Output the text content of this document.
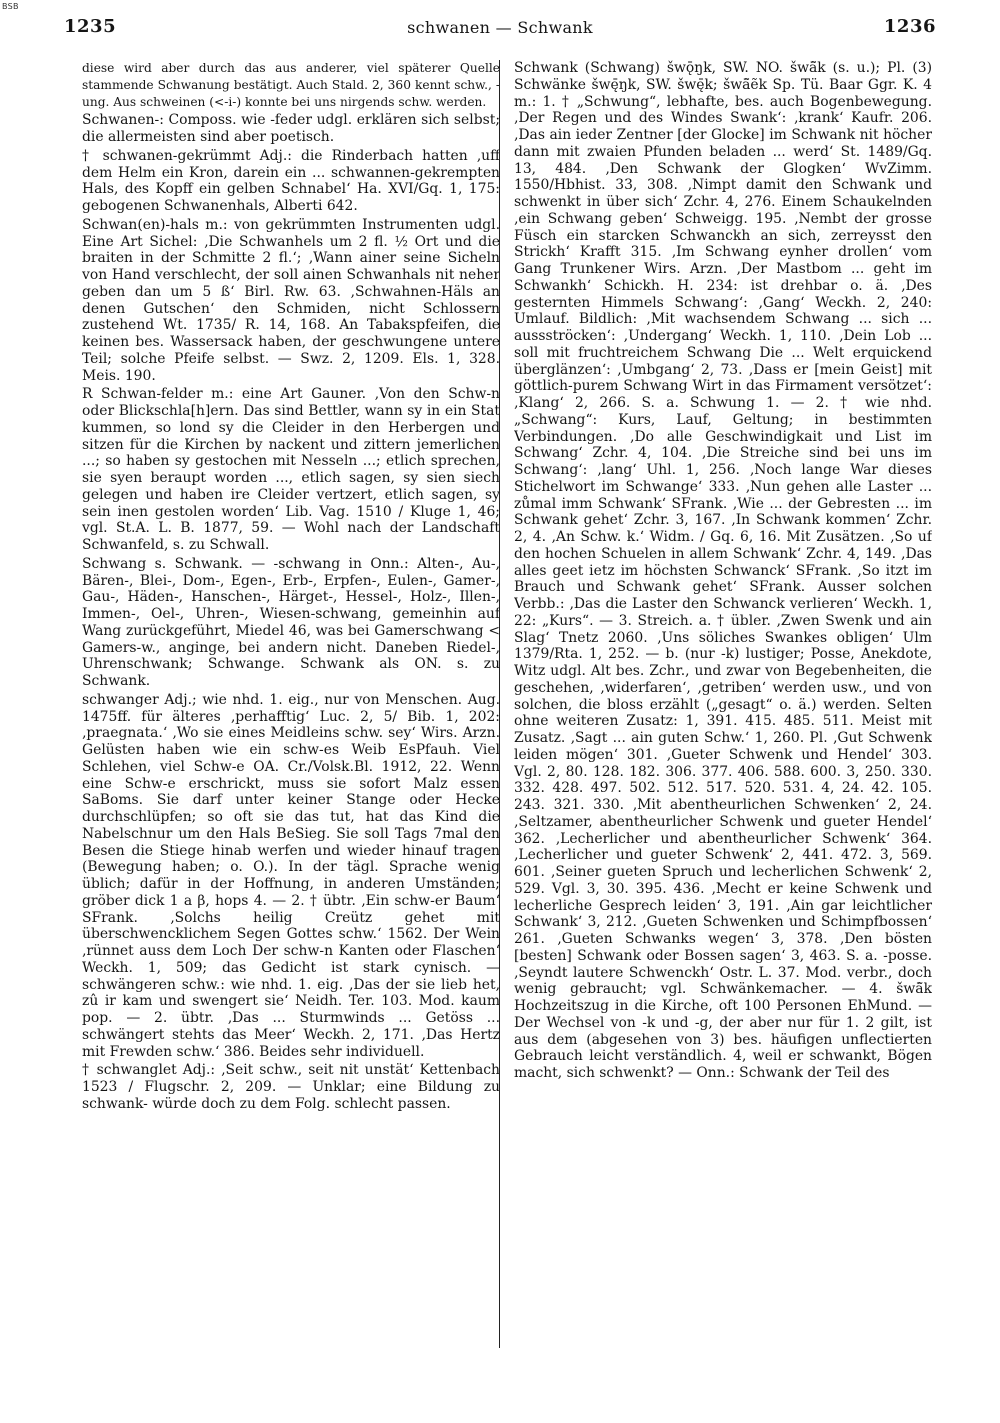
BSB
1235	schwanen — Schwank	1236

diese wird aber durch das aus anderer, viel späterer Quelle stammende Schwanung bestätigt. Auch Stald. 2, 360 kennt schw., -ung. Aus schweinen (<-i-) konnte bei uns nirgends schw. werden.

Schwanen-: Composs. wie -feder udgl. erklären sich selbst; die allermeisten sind aber poetisch.

† schwanen-gekrümmt Adj.: die Rinderbach hatten ‚uff dem Helm ein Kron, darein ein ... schwannen-gekrempten Hals, des Kopff ein gelben Schnabel‘ Ha. XVI/Gq. 1, 175: gebogenen Schwanenhals, Alberti 642.

Schwan(en)-hals m.: von gekrümmten Instrumenten udgl. Eine Art Sichel: ‚Die Schwanhels um 2 fl. ½ Ort und die braiten in der Schmitte 2 fl.‘; ‚Wann ainer seine Sicheln von Hand verschlecht, der soll ainen Schwanhals nit neher geben dan um 5 ß‘ Birl. Rw. 63. ‚Schwahnen-Häls an denen Gutschen‘ den Schmiden, nicht Schlossern zustehend Wt. 1735/ R. 14, 168. An Tabakspfeifen, die keinen bes. Wassersack haben, der geschwungene untere Teil; solche Pfeife selbst. — Swz. 2, 1209. Els. 1, 328. Meis. 190.

R Schwan-felder m.: eine Art Gauner. ‚Von den Schw-n oder Blickschla[h]ern. Das sind Bettler, wann sy in ein Stat kummen, so lond sy die Cleider in den Herbergen und sitzen für die Kirchen by nackent und zittern jemerlichen ...; so haben sy gestochen mit Nesseln ...; etlich sprechen, sie syen beraupt worden ..., etlich sagen, sy sien siech gelegen und haben ire Cleider vertzert, etlich sagen, sy sein inen gestolen worden‘ Lib. Vag. 1510 / Kluge 1, 46; vgl. St.A. L. B. 1877, 59. — Wohl nach der Landschaft Schwanfeld, s. zu Schwall.

Schwang s. Schwank. — -schwang in Onn.: Alten-, Au-, Bären-, Blei-, Dom-, Egen-, Erb-, Erpfen-, Eulen-, Gamer-, Gau-, Häden-, Hanschen-, Härget-, Hessel-, Holz-, Illen-, Immen-, Oel-, Uhren-, Wiesen-schwang, gemeinhin auf Wang zurückgeführt, Miedel 46, was bei Gamerschwang < Gamers-w., anginge, bei andern nicht. Daneben Riedel-, Uhrenschwank; Schwange. Schwank als ON. s. zu Schwank.

schwanger Adj.; wie nhd. 1. eig., nur von Menschen. Aug. 1475ff. für älteres ‚perhafftig‘ Luc. 2, 5/ Bib. 1, 202: ‚praegnata.‘ ‚Wo sie eines Meidleins schw. sey‘ Wirs. Arzn. Gelüsten haben wie ein schw-es Weib EsPfauh. Viel Schlehen, viel Schw-e OA. Cr./Volsk.Bl. 1912, 22. Wenn eine Schw-e erschrickt, muss sie sofort Malz essen SaBoms. Sie darf unter keiner Stange oder Hecke durchschlüpfen; so oft sie das tut, hat das Kind die Nabelschnur um den Hals BeSieg. Sie soll Tags 7mal den Besen die Stiege hinab werfen und wieder hinauf tragen (Bewegung haben; o. O.). In der tägl. Sprache wenig üblich; dafür in der Hoffnung, in anderen Umständen; gröber dick 1 a β, hops 4. — 2. † übtr. ‚Ein schw-er Baum‘ SFrank. ‚Solchs heilig Creütz gehet mit überschwencklichem Segen Gottes schw.‘ 1562. Der Wein ‚rünnet auss dem Loch Der schw-n Kanten oder Flaschen‘ Weckh. 1, 509; das Gedicht ist stark cynisch. — schwängeren schw.: wie nhd. 1. eig. ‚Das der sie lieb het, zû ir kam und swengert sie‘ Neidh. Ter. 103. Mod. kaum pop. — 2. übtr. ‚Das ... Sturmwinds ... Getöss ... schwängert stehts das Meer‘ Weckh. 2, 171. ‚Das Hertz mit Frewden schw.‘ 386. Beides sehr individuell.

† schwanglet Adj.: ‚Seit schw., seit nit unstät‘ Kettenbach 1523 / Flugschr. 2, 209. — Unklar; eine Bildung zu schwank- würde doch zu dem Folg. schlecht passen.

Schwank (Schwang) šwǭŋk, SW. NO. šwā̃k (s. u.); Pl. (3) Schwänke šwę̄ŋk, SW. šwę̄k; šwā̃ẽk Sp. Tü. Baar Ggr. K. 4 m.: 1. † „Schwung“, lebhafte, bes. auch Bogenbewegung. ‚Der Regen und des Windes Swank‘: ‚krank‘ Kaufr. 206. ‚Das ain ieder Zentner [der Glocke] im Schwank nit höcher dann mit zwaien Pfunden beladen ... werd‘ St. 1489/Gq. 13, 484. ‚Den Schwank der Glogken‘ WvZimm. 1550/Hbhist. 33, 308. ‚Nimpt damit den Schwank und schwenkt in über sich‘ Zchr. 4, 276. Einem Schaukelnden ‚ein Schwang geben‘ Schweigg. 195. ‚Nembt der grosse Füsch ein starcken Schwanckh an sich, zerreysst den Strickh‘ Krafft 315. ‚Im Schwang eynher drollen‘ vom Gang Trunkener Wirs. Arzn. ‚Der Mastbom ... geht im Schwankh‘ Schickh. H. 234: ist drehbar o. ä. ‚Des gesternten Himmels Schwang‘: ‚Gang‘ Weckh. 2, 240: Umlauf. Bildlich: ‚Mit wachsendem Schwang ... sich ... aussströcken‘: ‚Undergang‘ Weckh. 1, 110. ‚Dein Lob ... soll mit fruchtreichem Schwang Die ... Welt erquickend überglänzen‘: ‚Umbgang‘ 2, 73. ‚Dass er [mein Geist] mit göttlich-purem Schwang Wirt in das Firmament versötzet‘: ‚Klang‘ 2, 266. S. a. Schwung 1. — 2. † wie nhd. „Schwang“: Kurs, Lauf, Geltung; in bestimmten Verbindungen. ‚Do alle Geschwindigkait und List im Schwang‘ Zchr. 4, 104. ‚Die Streiche sind bei uns im Schwang‘: ‚lang‘ Uhl. 1, 256. ‚Noch lange War dieses Stichelwort im Schwange‘ 333. ‚Nun gehen alle Laster ... zůmal imm Schwank‘ SFrank. ‚Wie ... der Gebresten ... im Schwank gehet‘ Zchr. 3, 167. ‚In Schwank kommen‘ Zchr. 2, 4. ‚An Schw. k.‘ Widm. / Gq. 6, 16. Mit Zusätzen. ‚So uf den hochen Schuelen in allem Schwank‘ Zchr. 4, 149. ‚Das alles geet ietz im höchsten Schwanck‘ SFrank. ‚So itzt im Brauch und Schwank gehet‘ SFrank. Ausser solchen Verbb.: ‚Das die Laster den Schwanck verlieren‘ Weckh. 1, 22: „Kurs“. — 3. Streich. a. † übler. ‚Zwen Swenk und ain Slag‘ Tnetz 2060. ‚Uns söliches Swankes obligen‘ Ulm 1379/Rta. 1, 252. — b. (nur -k) lustiger; Posse, Anekdote, Witz udgl. Alt bes. Zchr., und zwar von Begebenheiten, die geschehen, ‚widerfaren‘, ‚getriben‘ werden usw., und von solchen, die bloss erzählt („gesagt“ o. ä.) werden. Selten ohne weiteren Zusatz: 1, 391. 415. 485. 511. Meist mit Zusatz. ‚Sagt ... ain guten Schw.‘ 1, 260. Pl. ‚Gut Schwenk leiden mögen‘ 301. ‚Gueter Schwenk und Hendel‘ 303. Vgl. 2, 80. 128. 182. 306. 377. 406. 588. 600. 3, 250. 330. 332. 428. 497. 502. 512. 517. 520. 531. 4, 24. 42. 105. 243. 321. 330. ‚Mit abentheurlichen Schwenken‘ 2, 24. ‚Seltzamer, abentheurlicher Schwenk und gueter Hendel‘ 362. ‚Lecherlicher und abentheurlicher Schwenk‘ 364. ‚Lecherlicher und gueter Schwenk‘ 2, 441. 472. 3, 569. 601. ‚Seiner gueten Spruch und lecherlichen Schwenk‘ 2, 529. Vgl. 3, 30. 395. 436. ‚Mecht er keine Schwenk und lecherliche Gesprech leiden‘ 3, 191. ‚Ain gar leichtlicher Schwank‘ 3, 212. ‚Gueten Schwenken und Schimpfbossen‘ 261. ‚Gueten Schwanks wegen‘ 3, 378. ‚Den bösten [besten] Schwank oder Bossen sagen‘ 3, 463. S. a. -posse. ‚Seyndt lautere Schwenckh‘ Ostr. L. 37. Mod. verbr., doch wenig gebraucht; vgl. Schwänkemacher. — 4. šwā̃k Hochzeitszug in die Kirche, oft 100 Personen EhMund. — Der Wechsel von -k und -g, der aber nur für 1. 2 gilt, ist aus dem (abgesehen von 3) bes. häufigen unflectierten Gebrauch leicht verständlich. 4, weil er schwankt, Bögen macht, sich schwenkt? — Onn.: Schwank der Teil des
